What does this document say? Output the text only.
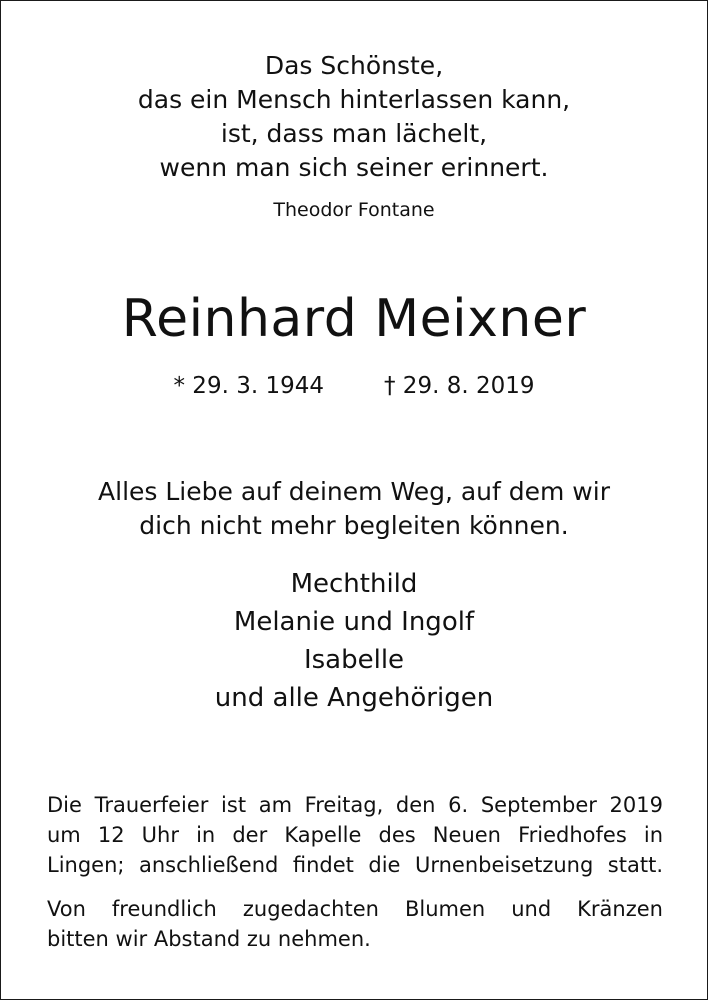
Das Schönste,
das ein Mensch hinterlassen kann,
ist, dass man lächelt,
wenn man sich seiner erinnert.
Theodor Fontane
Reinhard Meixner
* 29. 3. 1944	† 29. 8. 2019
Alles Liebe auf deinem Weg, auf dem wir
dich nicht mehr begleiten können.
Mechthild
Melanie und Ingolf
Isabelle
und alle Angehörigen
Die Trauerfeier ist am Freitag, den 6. September 2019
um 12 Uhr in der Kapelle des Neuen Friedhofes in
Lingen; anschließend findet die Urnenbeisetzung statt.
Von freundlich zugedachten Blumen und Kränzen
bitten wir Abstand zu nehmen.
